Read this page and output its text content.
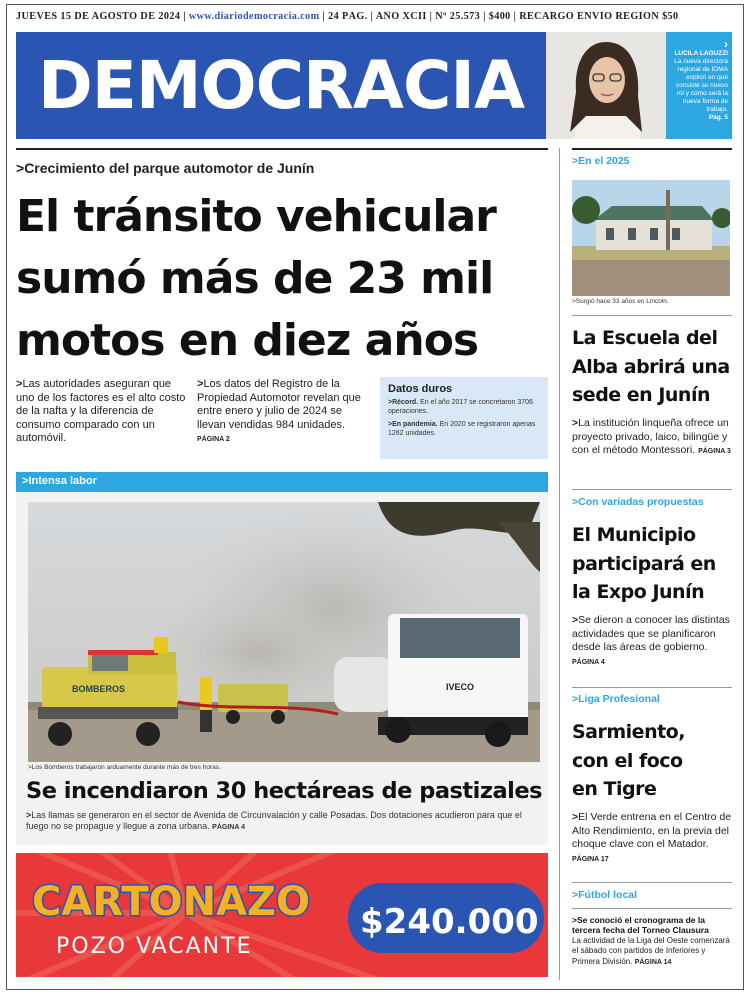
JUEVES 15 DE AGOSTO DE 2024 | www.diariodemocracia.com | 24 PÁG. | AÑO XCII | Nº 25.573 | $400 | RECARGO ENVÍO REGIÓN $50
DEMOCRACIA
›
LUCILA LAGUZZI
La nueva directora regional de IOMA explicó en qué consiste su nuevo rol y cómo será la nueva forma de trabajo.
Pág. 5
>Crecimiento del parque automotor de Junín
El tránsito vehicular
sumó más de 23 mil
motos en diez años
>Las autoridades aseguran que uno de los factores es el alto costo de la nafta y la diferencia de consumo comparado con un automóvil.
>Los datos del Registro de la Propiedad Automotor revelan que entre enero y julio de 2024 se llevan vendidas 984 unidades. PÁGINA 2
Datos duros
>Récord. En el año 2017 se concretaron 3706 operaciones.
>En pandemia. En 2020 se registraron apenas 1262 unidades.
>Intensa labor
BOMBEROS	IVECO
>Los Bomberos trabajaron arduamente durante más de tres horas.
Se incendiaron 30 hectáreas de pastizales
>Las llamas se generaron en el sector de Avenida de Circunvalación y calle Posadas. Dos dotaciones acudieron para que el fuego no se propague y llegue a zona urbana. PÁGINA 4
CARTONAZO
POZO VACANTE
$240.000
>En el 2025
>Surgió hace 33 años en Lincoln.
La Escuela del
Alba abrirá una
sede en Junín
>La institución linqueña ofrece un proyecto privado, laico, bilingüe y con el método Montessori. PÁGINA 3
>Con variadas propuestas
El Municipio
participará en
la Expo Junín
>Se dieron a conocer las distintas actividades que se planificaron desde las áreas de gobierno. PÁGINA 4
>Liga Profesional
Sarmiento,
con el foco
en Tigre
>El Verde entrena en el Centro de Alto Rendimiento, en la previa del choque clave con el Matador. PÁGINA 17
>Fútbol local
>Se conoció el cronograma de la tercera fecha del Torneo Clausura
La actividad de la Liga del Oeste comenzará el sábado con partidos de Inferiores y Primera División. PÁGINA 14
